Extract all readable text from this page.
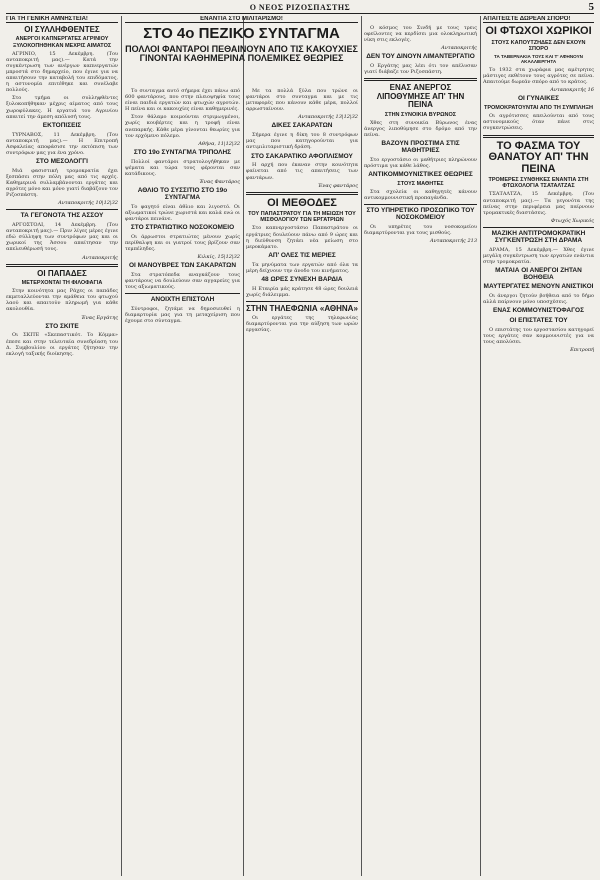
Ο ΝΕΟΣ ΡΙΖΟΣΠΑΣΤΗΣ	5
ΓΙΑ ΤΗ ΓΕΝΙΚΗ ΑΜΝΗΣΤΕΙΑ!
ΟΙ ΣΥΛΛΗΦΘΕΝΤΕΣ
ΑΝΕΡΓΟΙ ΚΑΠΝΕΡΓΑΤΕΣ ΑΓΡΙΝΙΟΥ ΞΥΛΟΚΟΠΗΘΗΚΑΝ ΜΕΧΡΙΣ ΑΙΜΑΤΟΣ

ΑΓΡΙΝΙΟ, 15 Δεκέμβρη. (Του ανταποκριτή μας).— Κατά την συγκέντρωση των ανέργων καπνεργατών μπροστά στο δημαρχείο, που έγινε για να απαιτήσουν την καταβολή του επιδόματος, η αστυνομία επιτέθηκε και συνέλαβε πολλούς.

Στο τμήμα οι συλληφθέντες ξυλοκοπήθηκαν μέχρις αίματος από τους χωροφύλακες. Η εργατιά του Αγρινίου απαιτεί την άμεση απόλυσή τους.

ΕΚΤΟΠΙΣΕΙΣ

ΤΥΡΝΑΒΟΣ, 11 Δεκέμβρη. (Του ανταποκριτή μας).— Η Επιτροπή Ασφαλείας αποφάσισε την εκτόπιση των συντρόφων μας για ένα χρόνο.

ΣΤΟ ΜΕΣΟΛΟΓΓΙ

Μιά φασιστική τρομοκρατία έχει ξεσπάσει στην πόλη μας από τις αρχές. Καθημερινά συλλαμβάνονται εργάτες και αγρότες μόνο και μόνο γιατί διαβάζουν τον Ριζοσπάστη.

Ανταποκριτής 10|12|32
ΤΑ ΓΕΓΟΝΟΤΑ ΤΗΣ ΑΣΣΟΥ

ΑΡΓΟΣΤΟΛΙ, 14 Δεκέμβρη. (Του ανταποκριτή μας).— Πριν λίγες μέρες έγινε εδώ σύλληψη των συντρόφων μας και οι χωρικοί της Άσσου απαίτησαν την απελευθέρωσή τους.

Ανταποκριτής
ΟΙ ΠΑΠΑΔΕΣ
ΜΕΤΕΡΧΟΝΤΑΙ ΤΗ ΦΙΛΟΦΑΓΙΑ

Στην κοινότητα μας Ράχες οι παπάδες εκμεταλλεύονται την αμάθεια του φτωχού λαού και απαιτούν πληρωμή για κάθε ακολουθία.

Ένας Εργάτης
ΣΤΟ ΣΚΙΤΕ

Οι ΣΚΙΤΕ «Σκεπαστικότ. Το Κόμμα» έπεσε και στην τελευταία συνεδρίαση του Δ. Συμβουλίου οι εργάτες ζήτησαν την εκλογή ταξικής διοίκησης.

ΕΝΑΝΤΙΑ ΣΤΟ ΜΙΛΙΤΑΡΙΣΜΟ!
ΣΤΟ 4ο ΠΕΖΙΚΟ ΣΥΝΤΑΓΜΑ
ΠΟΛΛΟΙ ΦΑΝΤΑΡΟΙ ΠΕΘΑΙΝΟΥΝ ΑΠΟ ΤΙΣ ΚΑΚΟΥΧΙΕΣ ΓΙΝΟΝΤΑΙ ΚΑΘΗΜΕΡΙΝΑ ΠΟΛΕΜΙΚΕΣ ΘΕΩΡΙΕΣ

Το συνταγμα αυτό σήμερα έχει πάνω από 600 φαντάρους, που στην πλειοψηφία τους είναι παιδιά εργατών και φτωχών αγροτών. Η πείνα και οι κακουχίες είναι καθημερινές.

Στον θάλαμο κοιμούνται στριμωγμένοι, χωρίς κουβέρτες και η τροφή είναι ανεπαρκής. Κάθε μέρα γίνονται θεωρίες για τον ερχόμενο πόλεμο.

Αθήνα, 11|12|32
ΣΤΟ 19ο ΣΥΝΤΑΓΜΑ ΤΡΙΠΟΛΗΣ

Πολλοί φαντάροι στρατολογήθηκαν με ψέματα και τώρα τους φέρονται σαν κατάδικους.

Ένας Φαντάρος
ΑΘΛΙΟ ΤΟ ΣΥΣΣΙΤΙΟ ΣΤΟ 19ο ΣΥΝΤΑΓΜΑ

Το φαγητό είναι άθλιο και λιγοστό. Οι αξιωματικοί τρώνε χωριστά και καλά ενώ οι φαντάροι πεινάνε.

ΣΤΟ ΣΤΡΑΤΙΩΤΙΚΟ ΝΟΣΟΚΟΜΕΙΟ

Οι άρρωστοι στρατιώτες μένουν χωρίς περίθαλψη και οι γιατροί τους βρίζουν σαν τεμπέληδες.

Κιλκίς, 15|12|32
ΟΙ ΜΑΝΟΥΒΡΕΣ ΤΩΝ ΣΑΚΑΡΑΤΩΝ

Στα στρατόπεδα αναγκάζουν τους φαντάρους να δουλεύουν σαν αγγαρείες για τους αξιωματικούς.

ΑΝΟΙΧΤΗ ΕΠΙΣΤΟΛΗ

Σύντροφοι, ζητάμε να δημοσιευθεί η διαμαρτυρία μας για τη μεταχείριση που έχουμε στο σύνταγμα.

Με τα πολλά ξύλα που τρώνε οι φαντάροι στο συνταγμα και με τις μεταφορές που κάνουν κάθε μέρα, πολλοί αρρωσταίνουν.

Ανταποκριτής 13|12|32
ΔΙΚΕΣ ΣΑΚΑΡΑΤΩΝ

Σήμερα έγινε η δίκη του 8 συντρόφων μας που κατηγορούνται για αντιμιλιταριστική δράση.

ΣΤΟ ΣΑΚΑΡΑΤΙΚΟ ΑΦΟΠΛΙΣΜΟΥ

Η αρχή που έκαναν στην κοινότητα φαίνεται από τις απαιτήσεις των φαντάρων.

Ένας φαντάρος
ΟΙ ΜΕΘΟΔΕΣ
ΤΟΥ ΠΑΠΑΣΤΡΑΤΟΥ ΓΙΑ ΤΗ ΜΕΙΩΣΗ ΤΟΥ ΜΙΣΘΟΛΟΓΙΟΥ ΤΩΝ ΕΡΓΑΤΡΙΩΝ

Στο καπνεργοστάσιο Παπαστράτου οι εργάτριες δουλεύουν πάνω από 9 ώρες και η διεύθυνση ζητάει νέα μείωση στο μεροκάματο.

ΑΠ' ΟΛΕΣ ΤΙΣ ΜΕΡΙΕΣ

Τα μηνύματα των εργατών από όλα τα μέρη δείχνουν την άνοδο του κινήματος.

48 ΩΡΕΣ ΣΥΝΕΧΗ ΒΑΡΔΙΑ

Η Εταιρία μάς κράτησε 48 ώρες δουλειά χωρίς διάλειμμα.

ΣΤΗΝ ΤΗΛΕΦΩΝΙΑ «ΑΘΗΝΑ»

Οι εργάτες της τηλεφωνίας διαμαρτύρονται για την αύξηση των ωρών εργασίας.

Ο κόσμος του Σινδή με τους τρεις οφείλοντες να κερδίσει μια ολοκληρωτική νίκη στις εκλογές.

Ανταποκριτής
ΔΕΝ ΤΟΥ ΔΙΝΟΥΝ ΛΙΜΑΝΤΕΡΓΑΤΙΟ

Ο Εργάτης μας λέει ότι τον απέλυσαν γιατί διάβαζε τον Ριζοσπάστη.

ΕΝΑΣ ΑΝΕΡΓΟΣ ΛΙΠΟΘΥΜΗΣΕ ΑΠ' ΤΗΝ ΠΕΙΝΑ
ΣΤΗΝ ΣΥΝΟΙΚΙΑ ΒΥΡΩΝΟΣ

Χθες στη συνοικία Βύρωνος ένας άνεργος λιποθύμησε στο δρόμο από την πείνα.

ΒΑΖΟΥΝ ΠΡΟΣΤΙΜΑ ΣΤΙΣ ΜΑΘΗΤΡΙΕΣ

Στο εργοστάσιο οι μαθήτριες πληρώνουν πρόστιμα για κάθε λάθος.

ΑΝΤΙΚΟΜΜΟΥΝΙΣΤΙΚΕΣ ΘΕΩΡΙΕΣ
ΣΤΟΥΣ ΜΑΘΗΤΕΣ

Στα σχολεία οι καθηγητές κάνουν αντικομμουνιστική προπαγάνδα.

ΣΤΟ ΥΠΗΡΕΤΙΚΟ ΠΡΟΣΩΠΙΚΟ ΤΟΥ ΝΟΣΟΚΟΜΕΙΟΥ

Οι υπηρέτες του νοσοκομείου διαμαρτύρονται για τους μισθούς.

Ανταποκριτής 213
ΑΠΑΙΤΕΙΣΤΕ ΔΩΡΕΑΝ ΣΠΟΡΟ!
ΟΙ ΦΤΩΧΟΙ ΧΩΡΙΚΟΙ
ΣΤΟΥΣ ΚΑΠΟΥΤΖΗΔΕΣ ΔΕΝ ΕΧΟΥΝ ΣΠΟΡΟ
ΤΑ ΤΑΒΕΡΝΑΚΙΑ ΤΟΥΣ ΚΑΙ Τ' ΑΦΗΝΟΥΝ ΑΚΑΛΛΙΕΡΓΗΤΑ

Το 1932 στα χωράφια μας αμέτρητες μάστιγες εκθέτουν τους αγρότες σε πείνα. Απαιτούμε δωρεάν σπόρο από το κράτος.

Ανταποκριτής 16
ΟΙ ΓΥΝΑΙΚΕΣ
ΤΡΟΜΟΚΡΑΤΟΥΝΤΑΙ ΑΠΟ ΤΗ ΣΥΜΠΛΗΞΗ

Οι αγρότισσες απειλούνται από τους αστυνομικούς όταν πάνε στις συγκεντρώσεις.

ΤΟ ΦΑΣΜΑ ΤΟΥ ΘΑΝΑΤΟΥ ΑΠ' ΤΗΝ ΠΕΙΝΑ
ΤΡΟΜΕΡΕΣ ΣΥΝΘΗΚΕΣ ΕΝΑΝΤΙΑ ΣΤΗ ΦΤΩΧΟΛΟΓΙΑ ΤΣΑΤΑΛΤΖΑΣ

ΤΣΑΤΑΛΤΖΑ, 15 Δεκέμβρη. (Του ανταποκριτή μας).— Τα γεγονότα της πείνας στην περιφέρεια μας παίρνουν τρομακτικές διαστάσεις.

Φτωχός Χωρικός
ΜΑΖΙΚΗ ΑΝΤΙΤΡΟΜΟΚΡΑΤΙΚΗ ΣΥΓΚΕΝΤΡΩΣΗ ΣΤΗ ΔΡΑΜΑ

ΔΡΑΜΑ, 15 Δεκέμβρη.— Χθες έγινε μεγάλη συγκέντρωση των εργατών ενάντια στην τρομοκρατία.

ΜΑΤΑΙΑ ΟΙ ΑΝΕΡΓΟΙ ΖΗΤΑΝ ΒΟΗΘΕΙΑ
ΜΑΥΤΕΡΓΑΤΕΣ ΜΕΝΟΥΝ ΑΝΙΣΤΙΚΟΙ

Οι άνεργοι ζητούν βοήθεια από το δήμο αλλά παίρνουν μόνο υποσχέσεις.

ΕΝΑΣ ΚΟΜΜΟΥΝΙΣΤΟΦΑΓΟΣ
ΟΙ ΕΠΙΣΤΑΤΕΣ ΤΟΥ

Ο επιστάτης του εργοστασίου κατηγορεί τους εργάτες σαν κομμουνιστές για να τους απολύσει.

Επιτροπή
